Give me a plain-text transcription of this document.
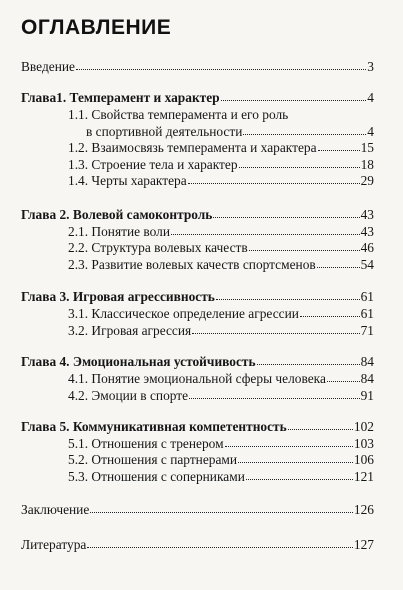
ОГЛАВЛЕНИЕ
Введение	3
Глава1. Темперамент и характер	4
1.1. Свойства темперамента и его роль
в спортивной деятельности	4
1.2. Взаимосвязь темперамента и характера	15
1.3. Строение тела и характер	18
1.4. Черты характера	29
Глава 2. Волевой самоконтроль	43
2.1. Понятие воли	43
2.2. Структура волевых качеств	46
2.3. Развитие волевых качеств спортсменов	54
Глава 3. Игровая агрессивность	61
3.1. Классическое определение агрессии	61
3.2. Игровая агрессия	71
Глава 4. Эмоциональная устойчивость	84
4.1. Понятие эмоциональной сферы человека	84
4.2. Эмоции в спорте	91
Глава 5. Коммуникативная компетентность	102
5.1. Отношения с тренером	103
5.2. Отношения с партнерами	106
5.3. Отношения с соперниками	121
Заключение	126
Литература	127
